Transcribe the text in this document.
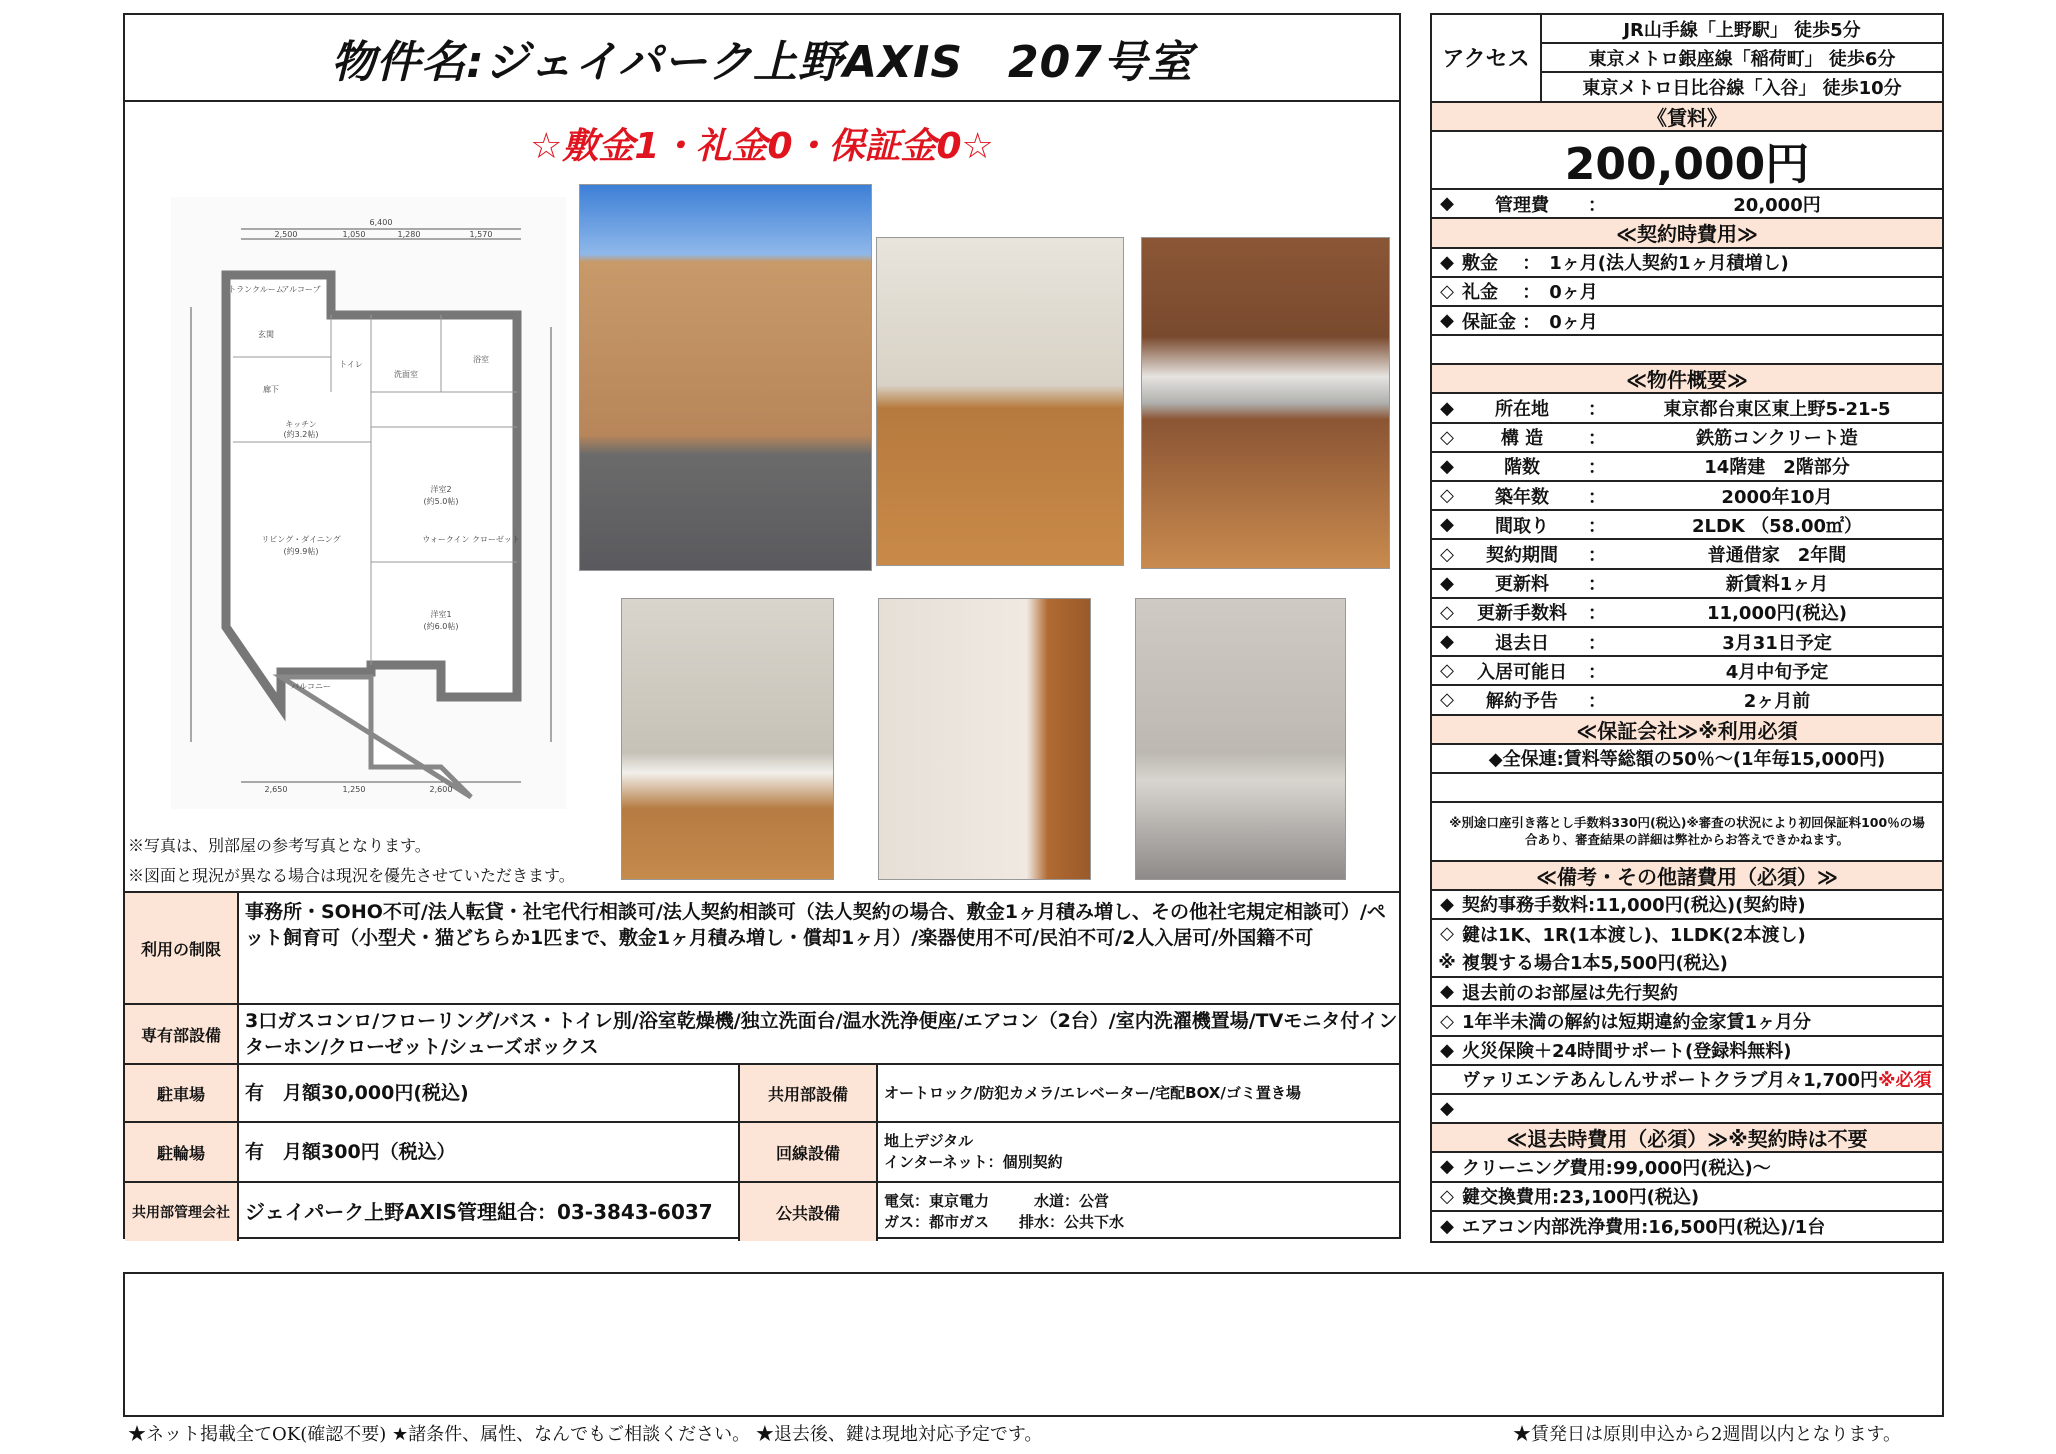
物件名:ジェイパーク上野AXIS　207号室
☆敷金1・礼金0・保証金0☆
6,400
2,500	1,050	1,280	1,570
2,650	1,250	2,600
トランクルーム
アルコーブ
玄関
廊下
トイレ
洗面室
浴室
キッチン
(約3.2帖)
リビング・ダイニング
(約9.9帖)
洋室2
(約5.0帖)
ウォークイン クローゼット
洋室1
(約6.0帖)
バルコニー
※写真は、別部屋の参考写真となります。
※図面と現況が異なる場合は現況を優先させていただきます。
利用の制限
事務所・SOHO不可/法人転貸・社宅代行相談可/法人契約相談可（法人契約の場合、敷金1ヶ月積み増し、その他社宅規定相談可）/ペット飼育可（小型犬・猫どちらか1匹まで、敷金1ヶ月積み増し・償却1ヶ月）/楽器使用不可/民泊不可/2人入居可/外国籍不可
専有部設備
3口ガスコンロ/フローリング/バス・トイレ別/浴室乾燥機/独立洗面台/温水洗浄便座/エアコン（2台）/室内洗濯機置場/TVモニタ付インターホン/クローゼット/シューズボックス
駐車場	有　月額30,000円(税込)	共用部設備	オートロック/防犯カメラ/エレベーター/宅配BOX/ゴミ置き場
駐輪場	有　月額300円（税込）	回線設備
地上デジタル
インターネット：個別契約
共用部管理会社 ジェイパーク上野AXIS管理組合：03-3843-6037	公共設備
電気：東京電力　　　水道：公営
ガス：都市ガス　　排水：公共下水
アクセス
JR山手線「上野駅」 徒歩5分
東京メトロ銀座線「稲荷町」 徒歩6分
東京メトロ日比谷線「入谷」 徒歩10分
《賃料》
200,000円
◆	管理費	：	20,000円
≪契約時費用≫
◆ 敷金　 ：　1ヶ月(法人契約1ヶ月積増し)
◇ 礼金　 ：　0ヶ月
◆ 保証金 ：　0ヶ月
≪物件概要≫
◆	所在地	：	東京都台東区東上野5-21-5
◇	構 造	：	鉄筋コンクリート造
◆	階数	：	14階建　2階部分
◇	築年数	：	2000年10月
◆	間取り	：	2LDK （58.00㎡）
◇	契約期間	：	普通借家　2年間
◆	更新料	：	新賃料1ヶ月
◇	更新手数料	：	11,000円(税込)
◆	退去日	：	3月31日予定
◇	入居可能日	：	4月中旬予定
◇	解約予告	：	2ヶ月前
≪保証会社≫※利用必須
◆全保連:賃料等総額の50％～(1年毎15,000円)
※別途口座引き落とし手数料330円(税込)※審査の状況により初回保証料100％の場合あり、審査結果の詳細は弊社からお答えできかねます。
≪備考・その他諸費用（必須）≫
◆ 契約事務手数料:11,000円(税込)(契約時)
◇ 鍵は1K、1R(1本渡し)、1LDK(2本渡し)
※ 複製する場合1本5,500円(税込)
◆ 退去前のお部屋は先行契約
◇ 1年半未満の解約は短期違約金家賃1ヶ月分
◆ 火災保険＋24時間サポート(登録料無料)
ヴァリエンテあんしんサポートクラブ月々1,700円 ※必須
◆
≪退去時費用（必須）≫※契約時は不要
◆ クリーニング費用:99,000円(税込)～
◇ 鍵交換費用:23,100円(税込)
◆ エアコン内部洗浄費用:16,500円(税込)/1台
★ネット掲載全てOK(確認不要) ★諸条件、属性、なんでもご相談ください。 ★退去後、鍵は現地対応予定です。	★賃発日は原則申込から2週間以内となります。
